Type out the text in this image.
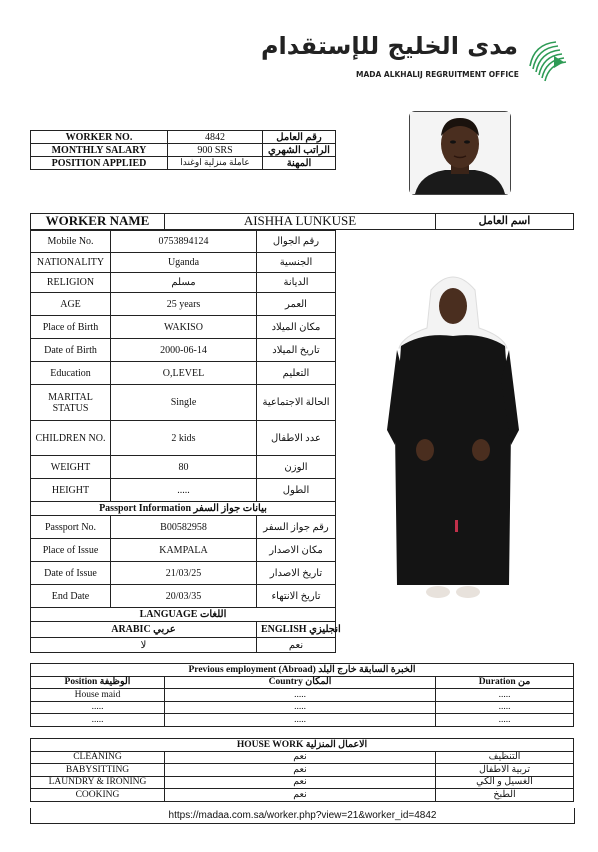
مدى الخليج للإستقدام
MADA ALKHALIJ REGRUITMENT OFFICE
WORKER NO.	4842	رقم العامل
MONTHLY SALARY	900 SRS	الراتب الشهري
POSITION APPLIED	عاملة منزلية اوغندا	المهنة
WORKER NAME	AISHHA LUNKUSE	اسم العامل
Mobile No.	0753894124	رقم الجوال
NATIONALITY	Uganda	الجنسية
RELIGION	مسلم	الديانة
AGE	25 years	العمر
Place of Birth	WAKISO	مكان الميلاد
Date of Birth	2000-06-14	تاريخ الميلاد
Education	O,LEVEL	التعليم
MARITAL STATUS	Single	الحالة الاجتماعية
CHILDREN NO.	2 kids	عدد الاطفال
WEIGHT	80	الوزن
HEIGHT	.....	الطول
Passport Information بيانات جواز السفر		
Passport No.	B00582958	رقم جواز السفر
Place of Issue	KAMPALA	مكان الاصدار
Date of Issue	21/03/25	تاريخ الاصدار
End Date	20/03/35	تاريخ الانتهاء
LANGUAGE اللغات		
ARABIC عربي		ENGLISH انجليزي
لا		نعم
Previous employment (Abroad) الخبرة السابقة خارج البلد		
Position الوظيفة	Country المكان	Duration من
House maid	.....	.....
.....	.....	.....
.....	.....	.....
HOUSE WORK الاعمال المنزلية		
CLEANING	نعم	التنظيف
BABYSITTING	نعم	تربية الاطفال
LAUNDRY & IRONING	نعم	الغسيل و الكي
COOKING	نعم	الطبخ
https://madaa.com.sa/worker.php?view=21&worker_id=4842
